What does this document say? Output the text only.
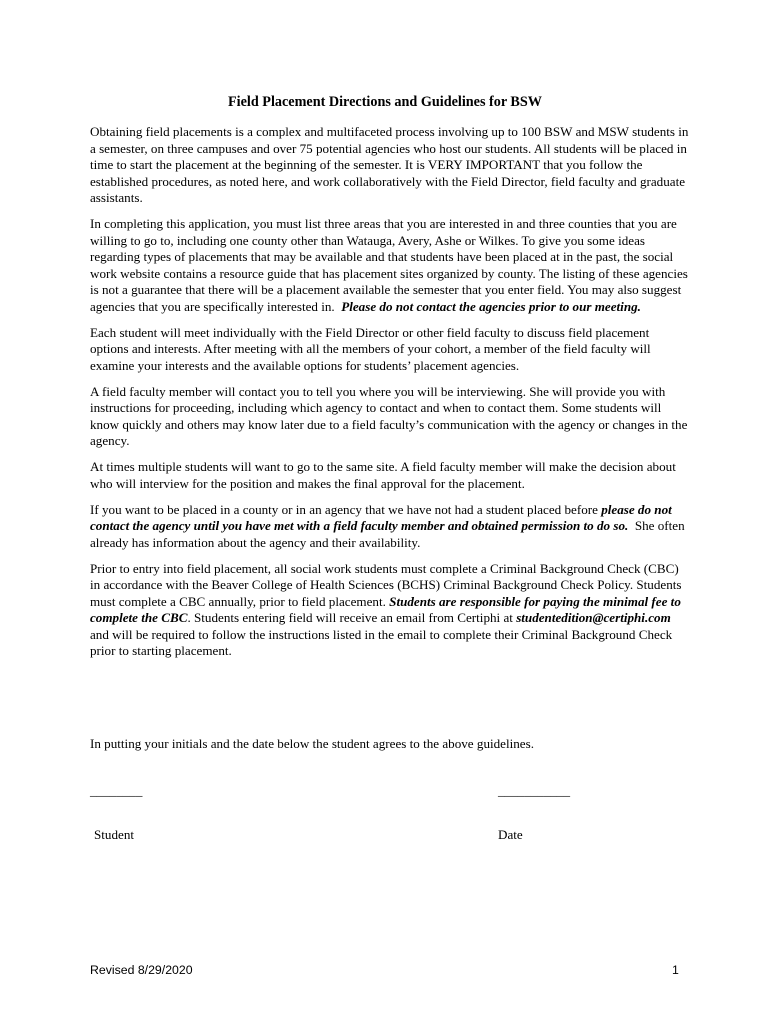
Field Placement Directions and Guidelines for BSW

Obtaining field placements is a complex and multifaceted process involving up to 100 BSW and MSW students in a semester, on three campuses and over 75 potential agencies who host our students. All students will be placed in time to start the placement at the beginning of the semester. It is VERY IMPORTANT that you follow the established procedures, as noted here, and work collaboratively with the Field Director, field faculty and graduate assistants.

In completing this application, you must list three areas that you are interested in and three counties that you are willing to go to, including one county other than Watauga, Avery, Ashe or Wilkes. To give you some ideas regarding types of placements that may be available and that students have been placed at in the past, the social work website contains a resource guide that has placement sites organized by county. The listing of these agencies is not a guarantee that there will be a placement available the semester that you enter field. You may also suggest agencies that you are specifically interested in. Please do not contact the agencies prior to our meeting.

Each student will meet individually with the Field Director or other field faculty to discuss field placement options and interests. After meeting with all the members of your cohort, a member of the field faculty will examine your interests and the available options for students’ placement agencies.

A field faculty member will contact you to tell you where you will be interviewing. She will provide you with instructions for proceeding, including which agency to contact and when to contact them. Some students will know quickly and others may know later due to a field faculty’s communication with the agency or changes in the agency.

At times multiple students will want to go to the same site. A field faculty member will make the decision about who will interview for the position and makes the final approval for the placement.

If you want to be placed in a county or in an agency that we have not had a student placed before please do not contact the agency until you have met with a field faculty member and obtained permission to do so. She often already has information about the agency and their availability.

Prior to entry into field placement, all social work students must complete a Criminal Background Check (CBC) in accordance with the Beaver College of Health Sciences (BCHS) Criminal Background Check Policy. Students must complete a CBC annually, prior to field placement. Students are responsible for paying the minimal fee to complete the CBC. Students entering field will receive an email from Certiphi at studentedition@certiphi.com and will be required to follow the instructions listed in the email to complete their Criminal Background Check prior to starting placement.

In putting your initials and the date below the student agrees to the above guidelines.
________	___________
Student	Date
Revised 8/29/2020	1
